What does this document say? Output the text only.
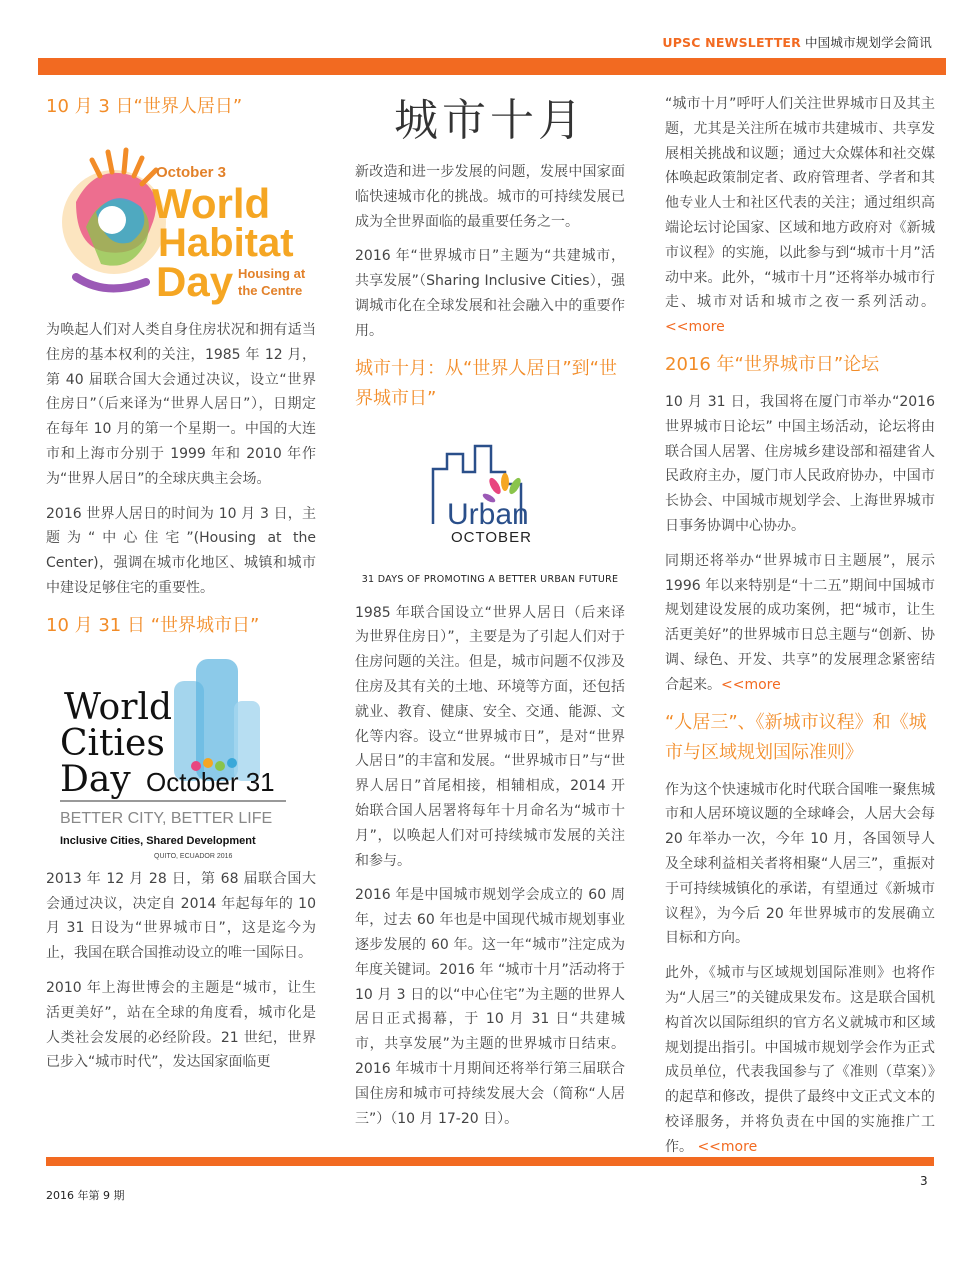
UPSC NEWSLETTER 中国城市规划学会简讯
10 月 3 日“世界人居日”
October 3
World
Habitat
Day Housing at
the Centre

为唤起人们对人类自身住房状况和拥有适当住房的基本权利的关注，1985 年 12 月，第 40 届联合国大会通过决议，设立“世界住房日”（后来译为“世界人居日”），日期定在每年 10 月的第一个星期一。中国的大连市和上海市分别于 1999 年和 2010 年作为“世界人居日”的全球庆典主会场。

2016 世界人居日的时间为 10 月 3 日，主题为“中心住宅”(Housing at the Center)，强调在城市化地区、城镇和城市中建设足够住宅的重要性。

10 月 31 日 “世界城市日”
World
Cities
Day October 31
BETTER CITY, BETTER LIFE
Inclusive Cities, Shared Development
QUITO, ECUADOR 2016

2013 年 12 月 28 日，第 68 届联合国大会通过决议，决定自 2014 年起每年的 10 月 31 日设为“世界城市日”，这是迄今为止，我国在联合国推动设立的唯一国际日。

2010 年上海世博会的主题是“城市，让生活更美好”，站在全球的角度看，城市化是人类社会发展的必经阶段。21 世纪，世界已步入“城市时代”，发达国家面临更

城市十月

新改造和进一步发展的问题，发展中国家面临快速城市化的挑战。城市的可持续发展已成为全世界面临的最重要任务之一。

2016 年“世界城市日”主题为“共建城市，共享发展”（Sharing Inclusive Cities），强调城市化在全球发展和社会融入中的重要作用。

城市十月：从“世界人居日”到“世界城市日”
Urban
OCTOBER
31 DAYS OF PROMOTING A BETTER URBAN FUTURE

1985 年联合国设立“世界人居日（后来译为世界住房日）”，主要是为了引起人们对于住房问题的关注。但是，城市问题不仅涉及住房及其有关的土地、环境等方面，还包括就业、教育、健康、安全、交通、能源、文化等内容。设立“世界城市日”，是对“世界人居日”的丰富和发展。“世界城市日”与“世界人居日”首尾相接，相辅相成，2014 开始联合国人居署将每年十月命名为“城市十月”，以唤起人们对可持续城市发展的关注和参与。

2016 年是中国城市规划学会成立的 60 周年，过去 60 年也是中国现代城市规划事业逐步发展的 60 年。这一年“城市”注定成为年度关键词。2016 年 “城市十月”活动将于 10 月 3 日的以“中心住宅”为主题的世界人居日正式揭幕，于 10 月 31 日“共建城市，共享发展”为主题的世界城市日结束。2016 年城市十月期间还将举行第三届联合国住房和城市可持续发展大会（简称“人居三”）（10 月 17-20 日）。

“城市十月”呼吁人们关注世界城市日及其主题，尤其是关注所在城市共建城市、共享发展相关挑战和议题；通过大众媒体和社交媒体唤起政策制定者、政府管理者、学者和其他专业人士和社区代表的关注；通过组织高端论坛讨论国家、区域和地方政府对《新城市议程》的实施，以此参与到“城市十月”活动中来。此外，“城市十月”还将举办城市行走、城市对话和城市之夜一系列活动。 <<more

2016 年“世界城市日”论坛

10 月 31 日，我国将在厦门市举办“2016 世界城市日论坛” 中国主场活动，论坛将由联合国人居署、住房城乡建设部和福建省人民政府主办，厦门市人民政府协办，中国市长协会、中国城市规划学会、上海世界城市日事务协调中心协办。

同期还将举办“世界城市日主题展”，展示 1996 年以来特别是“十二五”期间中国城市规划建设发展的成功案例，把“城市，让生活更美好”的世界城市日总主题与“创新、协调、绿色、开发、共享”的发展理念紧密结合起来。<<more

“人居三”、《新城市议程》和《城市与区域规划国际准则》

作为这个快速城市化时代联合国唯一聚焦城市和人居环境议题的全球峰会，人居大会每 20 年举办一次，今年 10 月，各国领导人及全球利益相关者将相聚“人居三”，重振对于可持续城镇化的承诺，有望通过《新城市议程》，为今后 20 年世界城市的发展确立目标和方向。

此外，《城市与区域规划国际准则》也将作为“人居三”的关键成果发布。这是联合国机构首次以国际组织的官方名义就城市和区域规划提出指引。中国城市规划学会作为正式成员单位，代表我国参与了《准则（草案）》的起草和修改，提供了最终中文正式文本的校译服务，并将负责在中国的实施推广工作。 <<more

3
2016 年第 9 期
